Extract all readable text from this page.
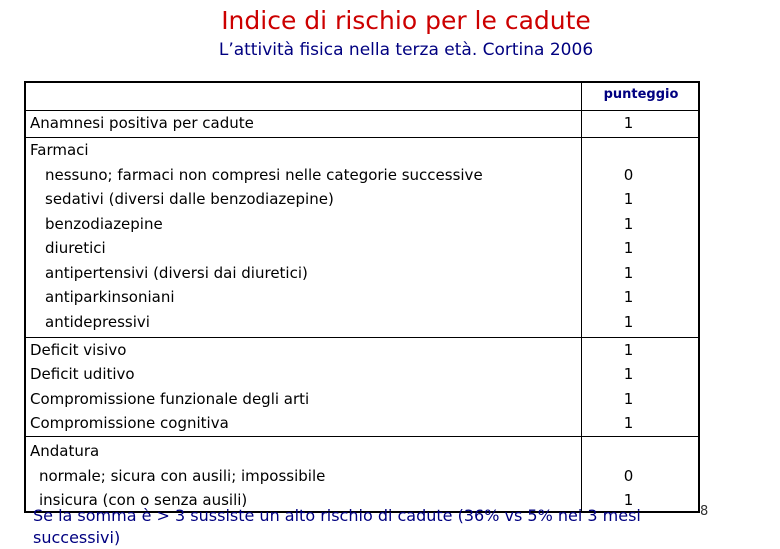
Indice di rischio per le cadute
L’attività fisica nella terza età. Cortina 2006
punteggio
Anamnesi positiva per cadute	1
Farmaci
nessuno; farmaci non compresi nelle categorie successive	0
sedativi (diversi dalle benzodiazepine)	1
benzodiazepine	1
diuretici	1
antipertensivi (diversi dai diuretici)	1
antiparkinsoniani	1
antidepressivi	1
Deficit visivo	1
Deficit uditivo	1
Compromissione funzionale degli arti	1
Compromissione cognitiva	1
Andatura
normale; sicura con ausili; impossibile	0
insicura (con o senza ausili)	1
Se la somma è > 3 sussiste un alto rischio di cadute (36% vs 5% nei 3 mesi successivi)
8
